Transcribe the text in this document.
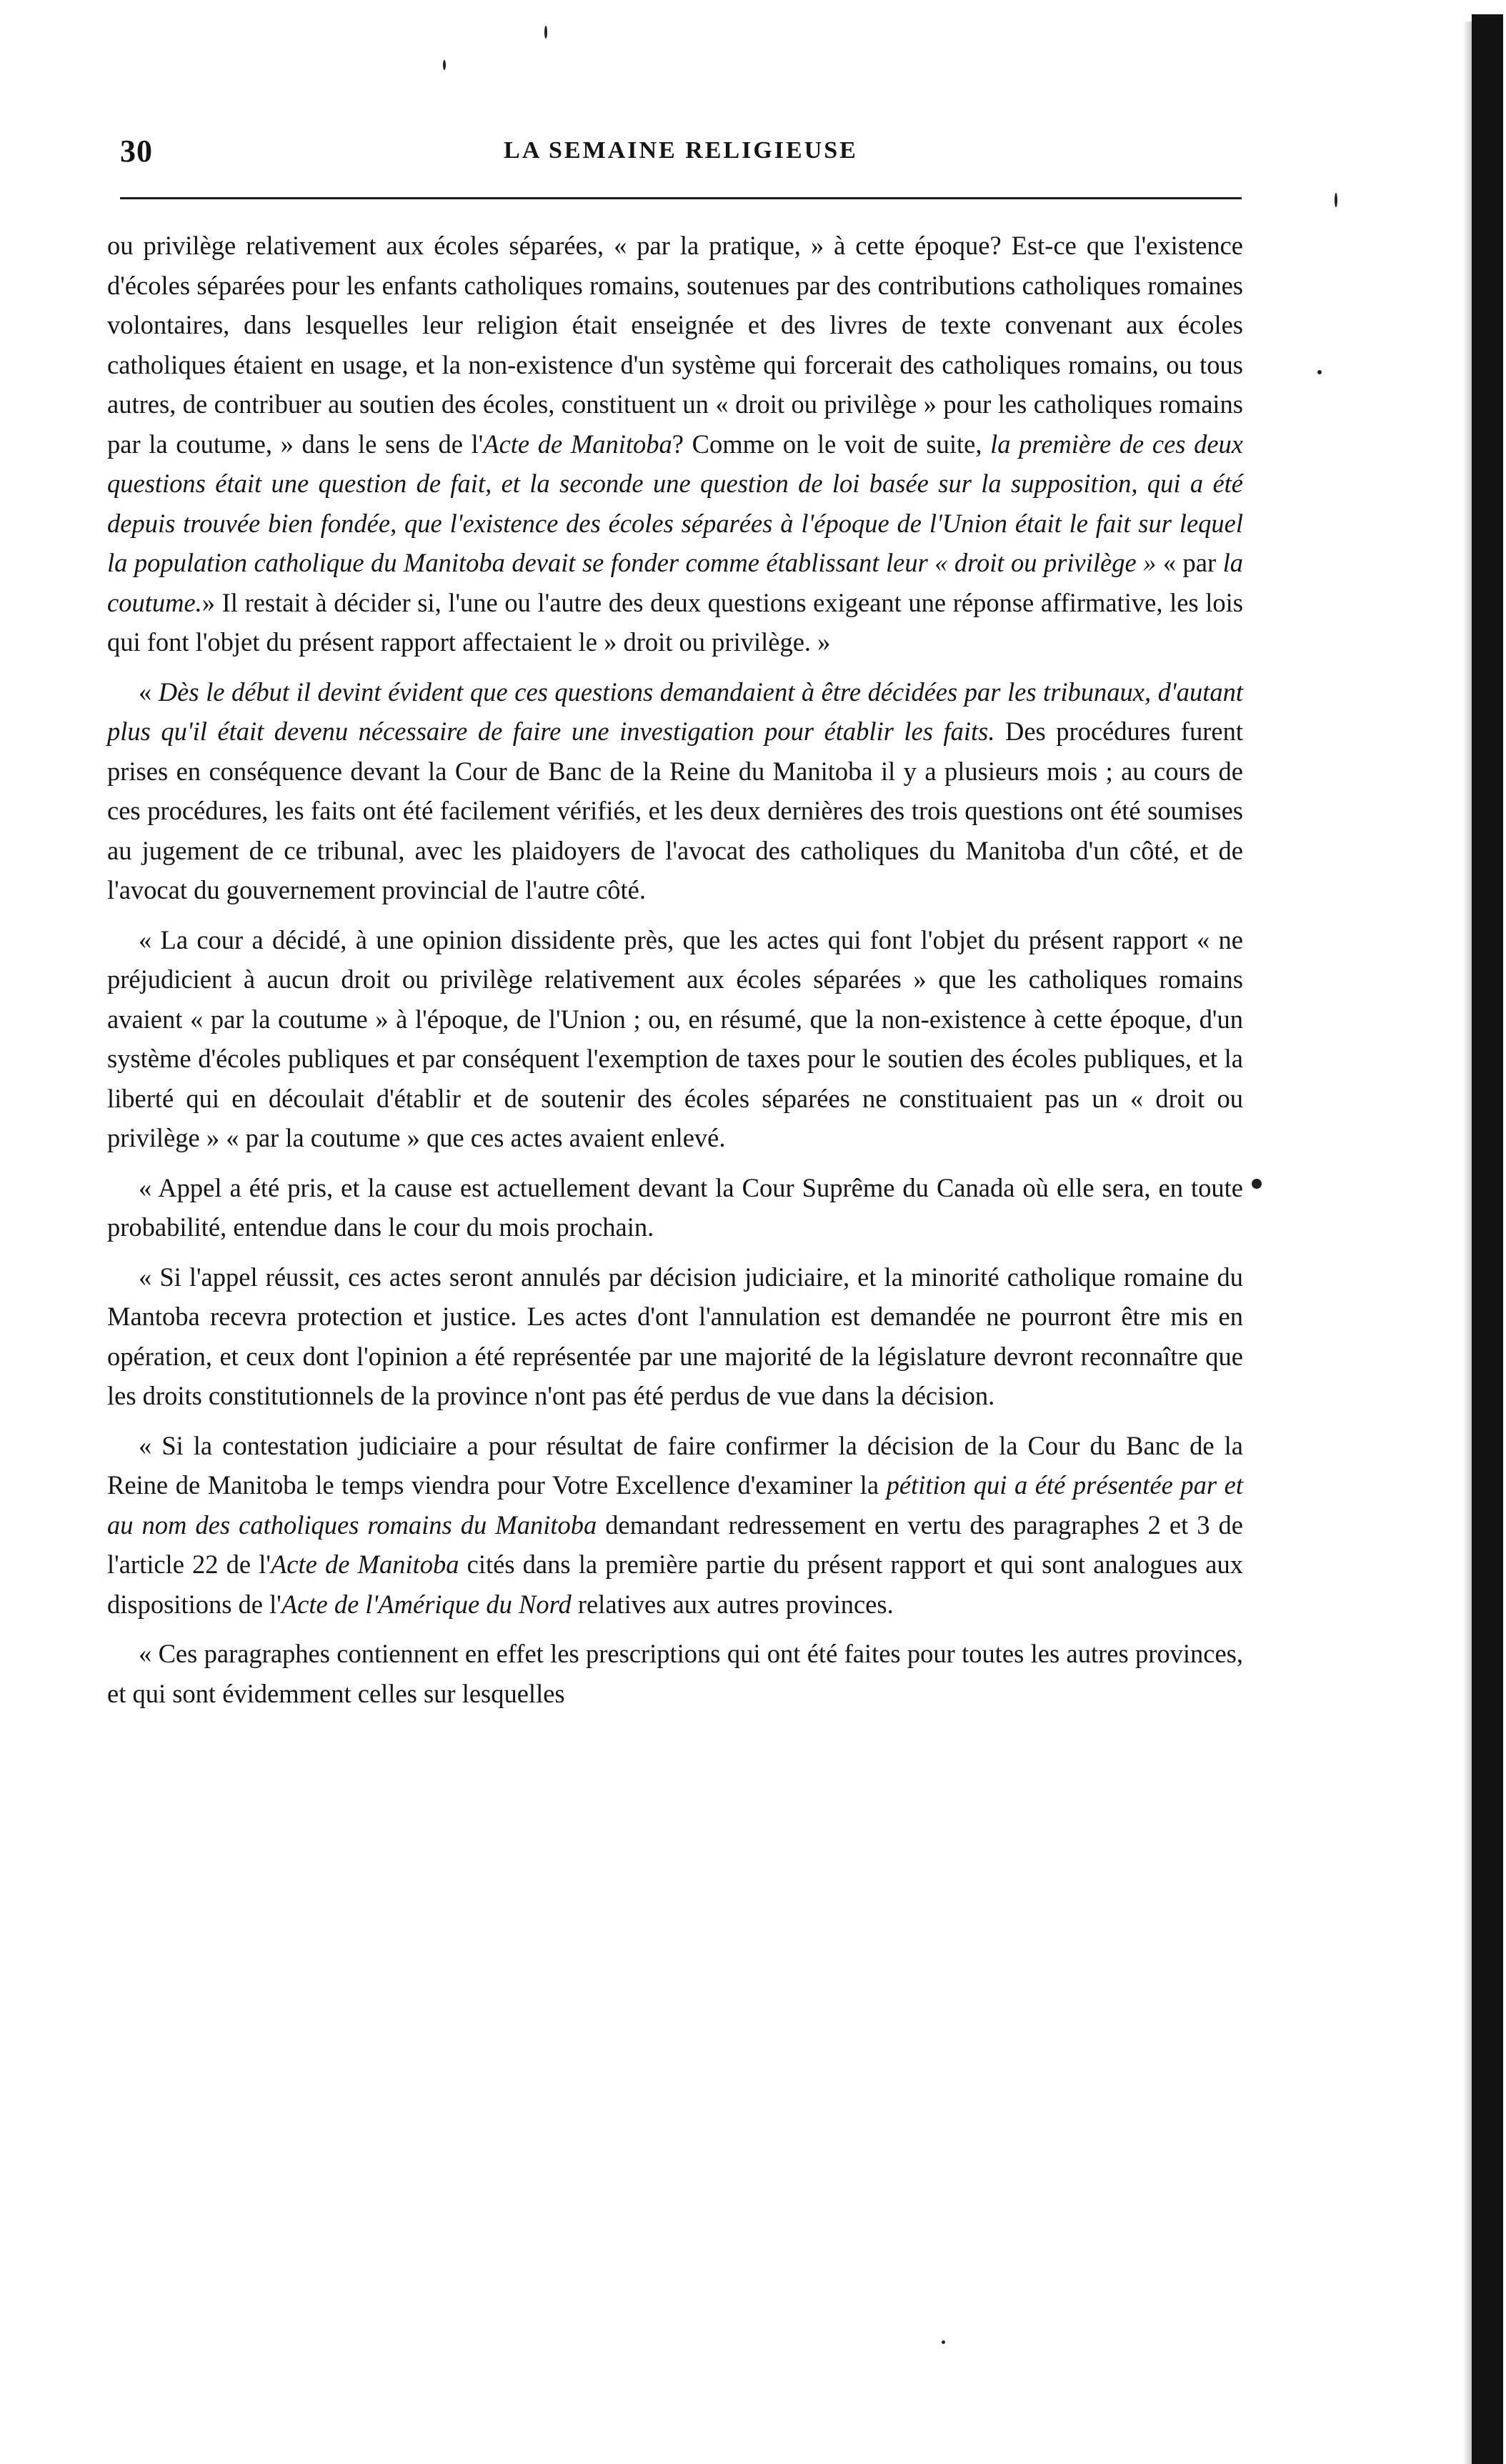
30	LA SEMAINE RELIGIEUSE

ou privilège relativement aux écoles séparées, « par la pratique, » à cette époque? Est-ce que l'existence d'écoles séparées pour les enfants catholiques romains, soutenues par des contributions catholiques romaines volontaires, dans lesquelles leur religion était enseignée et des livres de texte convenant aux écoles catholiques étaient en usage, et la non-existence d'un système qui forcerait des catholiques romains, ou tous autres, de contribuer au soutien des écoles, constituent un « droit ou privilège » pour les catholiques romains par la coutume, » dans le sens de l'Acte de Manitoba? Comme on le voit de suite, la première de ces deux questions était une question de fait, et la seconde une question de loi basée sur la supposition, qui a été depuis trouvée bien fondée, que l'existence des écoles séparées à l'époque de l'Union était le fait sur lequel la population catholique du Manitoba devait se fonder comme établissant leur « droit ou privilège » « par la coutume.» Il restait à décider si, l'une ou l'autre des deux questions exigeant une réponse affirmative, les lois qui font l'objet du présent rapport affectaient le » droit ou privilège. »

« Dès le début il devint évident que ces questions demandaient à être décidées par les tribunaux, d'autant plus qu'il était devenu nécessaire de faire une investigation pour établir les faits. Des procédures furent prises en conséquence devant la Cour de Banc de la Reine du Manitoba il y a plusieurs mois ; au cours de ces procédures, les faits ont été facilement vérifiés, et les deux dernières des trois questions ont été soumises au jugement de ce tribunal, avec les plaidoyers de l'avocat des catholiques du Manitoba d'un côté, et de l'avocat du gouvernement provincial de l'autre côté.

« La cour a décidé, à une opinion dissidente près, que les actes qui font l'objet du présent rapport « ne préjudicient à aucun droit ou privilège relativement aux écoles séparées » que les catholiques romains avaient « par la coutume » à l'époque, de l'Union ; ou, en résumé, que la non-existence à cette époque, d'un système d'écoles publiques et par conséquent l'exemption de taxes pour le soutien des écoles publiques, et la liberté qui en découlait d'établir et de soutenir des écoles séparées ne constituaient pas un « droit ou privilège » « par la coutume » que ces actes avaient enlevé.

« Appel a été pris, et la cause est actuellement devant la Cour Suprême du Canada où elle sera, en toute probabilité, entendue dans le cour du mois prochain.

« Si l'appel réussit, ces actes seront annulés par décision judiciaire, et la minorité catholique romaine du Mantoba recevra protection et justice. Les actes d'ont l'annulation est demandée ne pourront être mis en opération, et ceux dont l'opinion a été représentée par une majorité de la législature devront reconnaître que les droits constitutionnels de la province n'ont pas été perdus de vue dans la décision.

« Si la contestation judiciaire a pour résultat de faire confirmer la décision de la Cour du Banc de la Reine de Manitoba le temps viendra pour Votre Excellence d'examiner la pétition qui a été présentée par et au nom des catholiques romains du Manitoba demandant redressement en vertu des paragraphes 2 et 3 de l'article 22 de l'Acte de Manitoba cités dans la première partie du présent rapport et qui sont analogues aux dispositions de l'Acte de l'Amérique du Nord relatives aux autres provinces.

« Ces paragraphes contiennent en effet les prescriptions qui ont été faites pour toutes les autres provinces, et qui sont évidemment celles sur lesquelles
